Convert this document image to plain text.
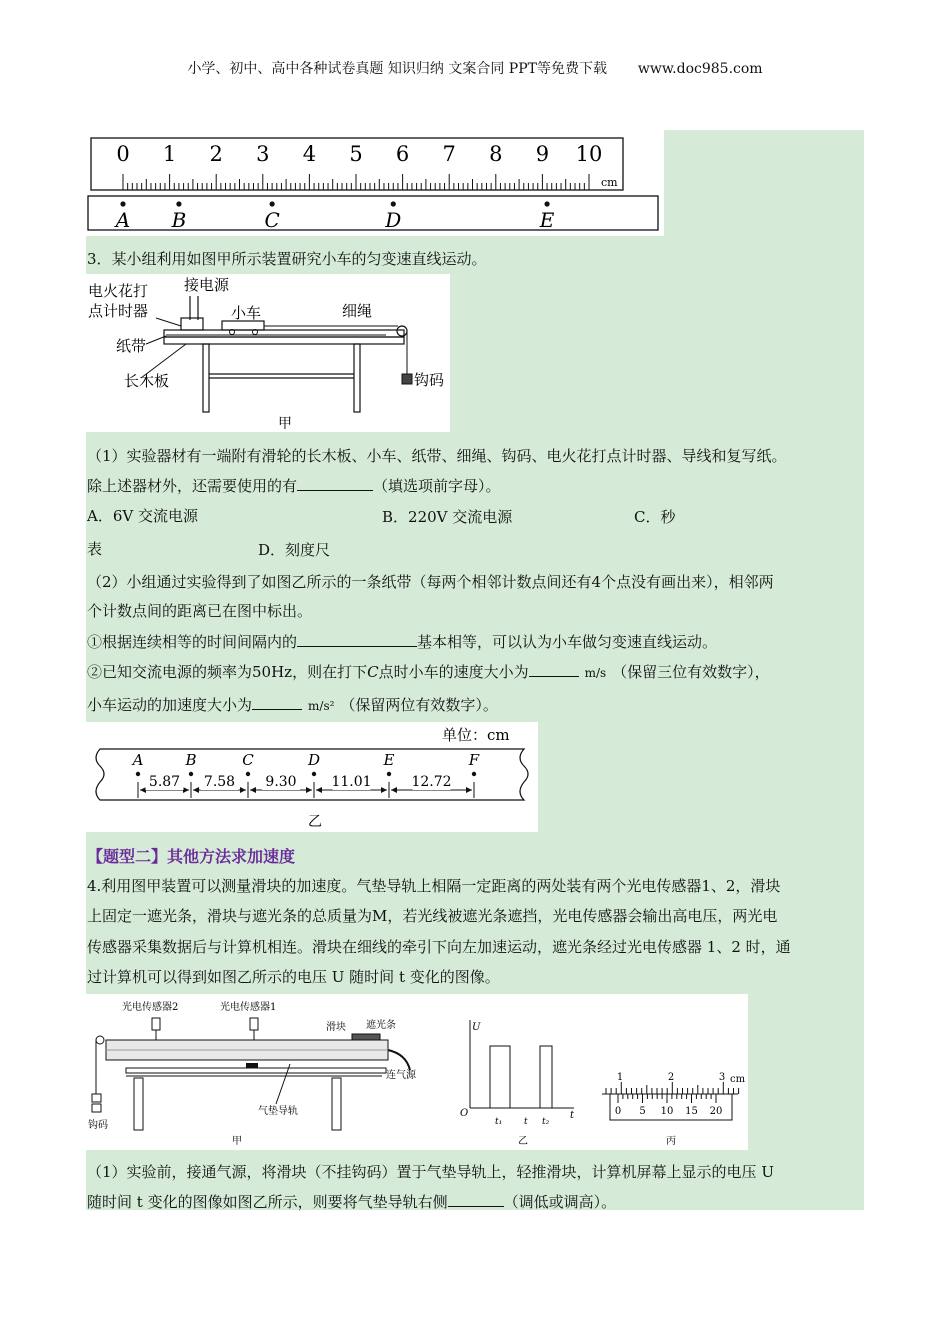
小学、初中、高中各种试卷真题 知识归纳 文案合同 PPT等免费下载 www.doc985.com
0 1 2 3 4 5 6 7 8 9 10
cm
A B	C	D	E
3．某小组利用如图甲所示装置研究小车的匀变速直线运动。
电火花打
点计时器
接电源
小车	细绳
纸带
长木板	钩码
甲
（1）实验器材有一端附有滑轮的长木板、小车、纸带、细绳、钩码、电火花打点计时器、导线和复写纸。
除上述器材外，还需要使用的有	（填选项前字母）。
A．6V 交流电源	B．220V 交流电源	C．秒
表	D．刻度尺
（2）小组通过实验得到了如图乙所示的一条纸带（每两个相邻计数点间还有4个点没有画出来），相邻两
个计数点间的距离已在图中标出。
①根据连续相等的时间间隔内的	基本相等，可以认为小车做匀变速直线运动。
②已知交流电源的频率为50Hz，则在打下C点时小车的速度大小为	m/s （保留三位有效数字），
小车运动的加速度大小为	m/s² （保留两位有效数字）。
单位：cm
A	B	C	D	E	F
5.87 7.58 9.30 11.01	12.72
乙
【题型二】其他方法求加速度
4.利用图甲装置可以测量滑块的加速度。气垫导轨上相隔一定距离的两处装有两个光电传感器1、2，滑块
上固定一遮光条，滑块与遮光条的总质量为M，若光线被遮光条遮挡，光电传感器会输出高电压，两光电
传感器采集数据后与计算机相连。滑块在细线的牵引下向左加速运动，遮光条经过光电传感器 1、2 时，通
过计算机可以得到如图乙所示的电压 U 随时间 t 变化的图像。
光电传感器2	光电传感器1
滑块 遮光条
钩码
连气源
气垫导轨
甲
U
O	t
t₁ t t₂
乙
1	2	3 cm
0 5 10 15 20
丙
（1）实验前，接通气源，将滑块（不挂钩码）置于气垫导轨上，轻推滑块，计算机屏幕上显示的电压 U
随时间 t 变化的图像如图乙所示，则要将气垫导轨右侧	（调低或调高）。
